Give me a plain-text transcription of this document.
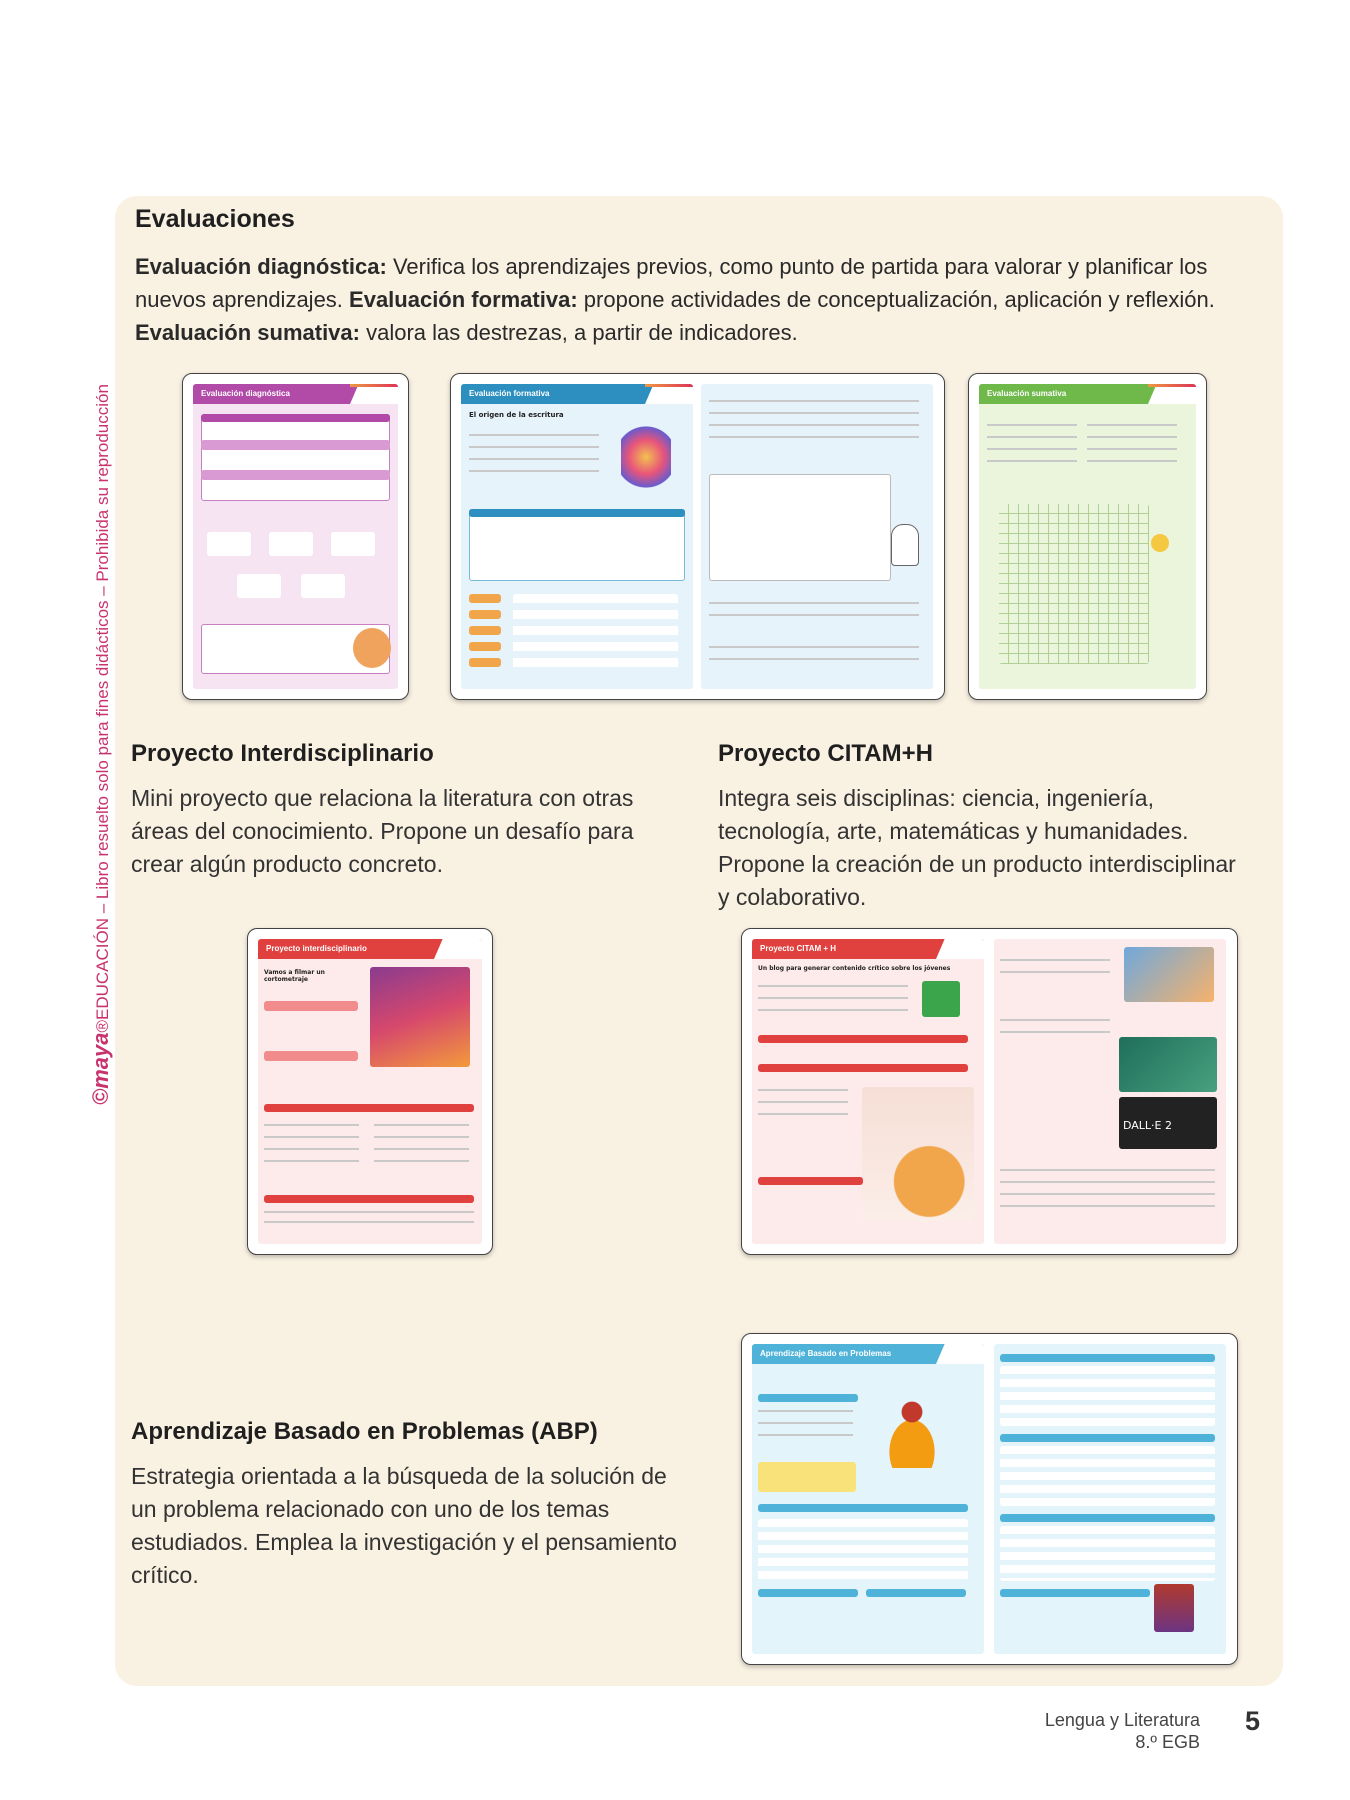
©maya®EDUCACIÓN – Libro resuelto solo para fines didácticos – Prohibida su reproducción
Evaluaciones
Evaluación diagnóstica: Verifica los aprendizajes previos, como punto de partida para valorar y planificar los nuevos aprendizajes. Evaluación formativa: propone actividades de conceptualización, aplicación y reflexión. Evaluación sumativa: valora las destrezas, a partir de indicadores.
Evaluación diagnóstica	Evaluación formativa
El origen de la escritura
Evaluación sumativa
Proyecto Interdisciplinario
Mini proyecto que relaciona la literatura con otras áreas del conocimiento. Propone un desafío para crear algún producto concreto.
Proyecto CITAM+H
Integra seis disciplinas: ciencia, ingeniería, tecnología, arte, matemáticas y humanidades. Propone la creación de un producto interdisciplinar y colaborativo.
Proyecto interdisciplinario
Vamos a filmar un cortometraje
Proyecto CITAM + H
Un blog para generar contenido crítico sobre los jóvenes
DALL·E 2
Aprendizaje Basado en Problemas (ABP)
Estrategia orientada a la búsqueda de la solución de un problema relacionado con uno de los temas estudiados. Emplea la investigación y el pensamiento crítico.
Aprendizaje Basado en Problemas
Lengua y Literatura
8.º EGB
5
